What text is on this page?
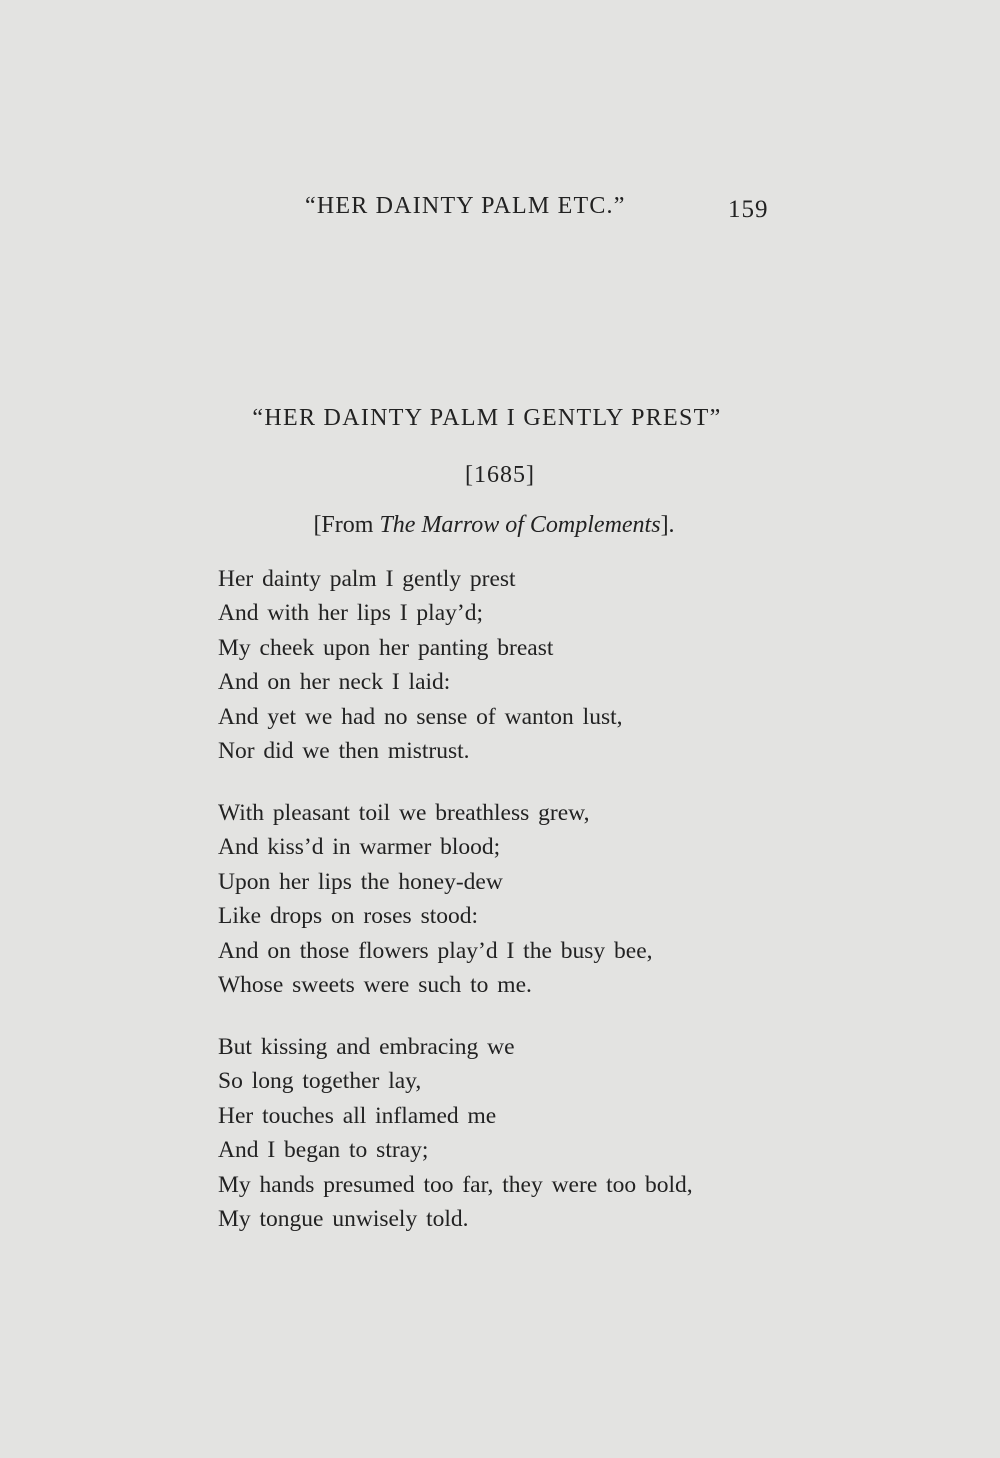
“HER DAINTY PALM ETC.”	159
“HER DAINTY PALM I GENTLY PREST”
[1685]
[From The Marrow of Complements].
Her dainty palm I gently prest
And with her lips I play’d;
My cheek upon her panting breast
And on her neck I laid:
And yet we had no sense of wanton lust,
Nor did we then mistrust.
With pleasant toil we breathless grew,
And kiss’d in warmer blood;
Upon her lips the honey-dew
Like drops on roses stood:
And on those flowers play’d I the busy bee,
Whose sweets were such to me.
But kissing and embracing we
So long together lay,
Her touches all inflamed me
And I began to stray;
My hands presumed too far, they were too bold,
My tongue unwisely told.
